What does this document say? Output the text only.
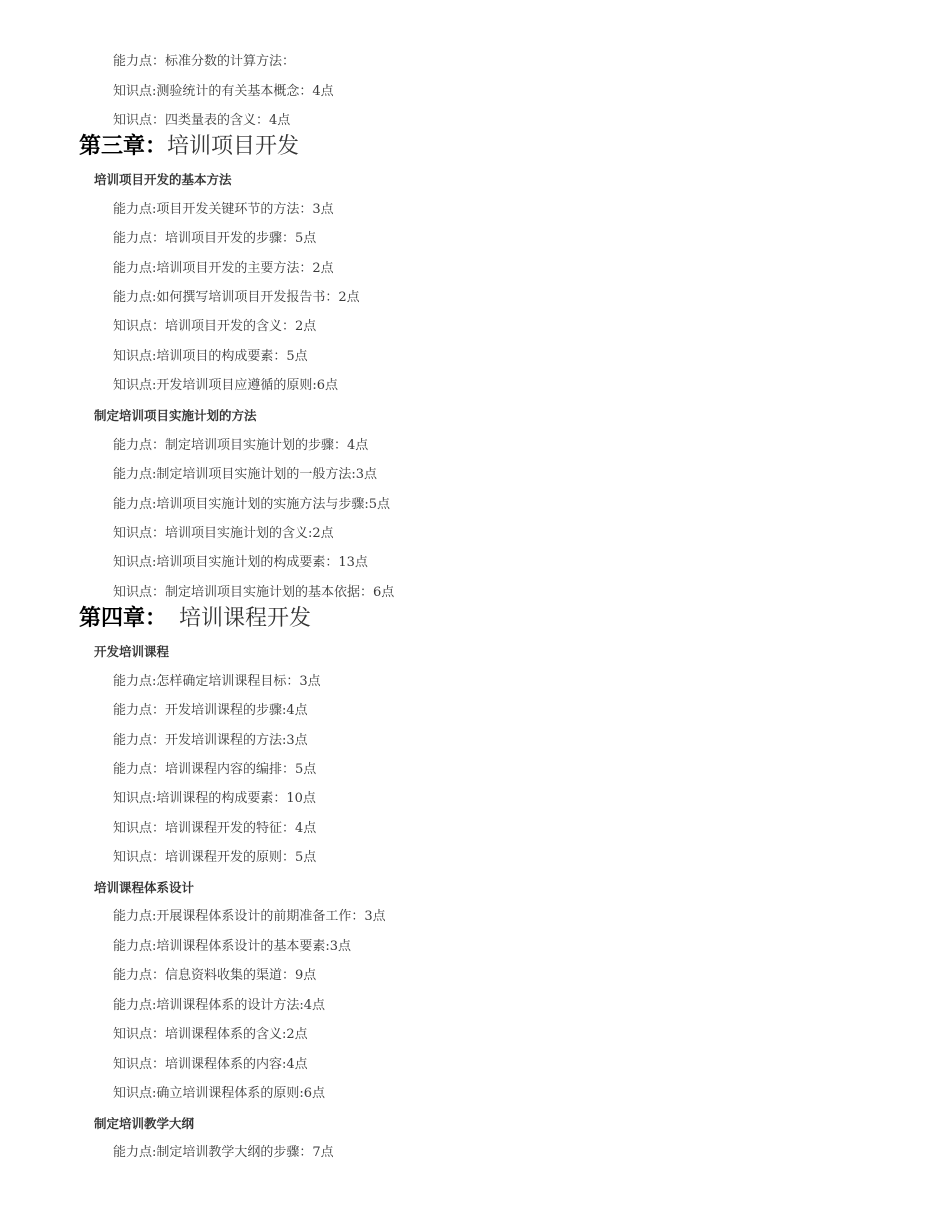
能力点：标准分数的计算方法：
知识点:测验统计的有关基本概念：4点
知识点：四类量表的含义：4点
第三章：培训项目开发
培训项目开发的基本方法
能力点:项目开发关键环节的方法：3点
能力点：培训项目开发的步骤：5点
能力点:培训项目开发的主要方法：2点
能力点:如何撰写培训项目开发报告书：2点
知识点：培训项目开发的含义：2点
知识点:培训项目的构成要素：5点
知识点:开发培训项目应遵循的原则:6点
制定培训项目实施计划的方法
能力点：制定培训项目实施计划的步骤：4点
能力点:制定培训项目实施计划的一般方法:3点
能力点:培训项目实施计划的实施方法与步骤:5点
知识点：培训项目实施计划的含义:2点
知识点:培训项目实施计划的构成要素：13点
知识点：制定培训项目实施计划的基本依据：6点
第四章： 培训课程开发
开发培训课程
能力点:怎样确定培训课程目标：3点
能力点：开发培训课程的步骤:4点
能力点：开发培训课程的方法:3点
能力点：培训课程内容的编排：5点
知识点:培训课程的构成要素：10点
知识点：培训课程开发的特征：4点
知识点：培训课程开发的原则：5点
培训课程体系设计
能力点:开展课程体系设计的前期准备工作：3点
能力点:培训课程体系设计的基本要素:3点
能力点：信息资料收集的渠道：9点
能力点:培训课程体系的设计方法:4点
知识点：培训课程体系的含义:2点
知识点：培训课程体系的内容:4点
知识点:确立培训课程体系的原则:6点
制定培训教学大纲
能力点:制定培训教学大纲的步骤：7点
